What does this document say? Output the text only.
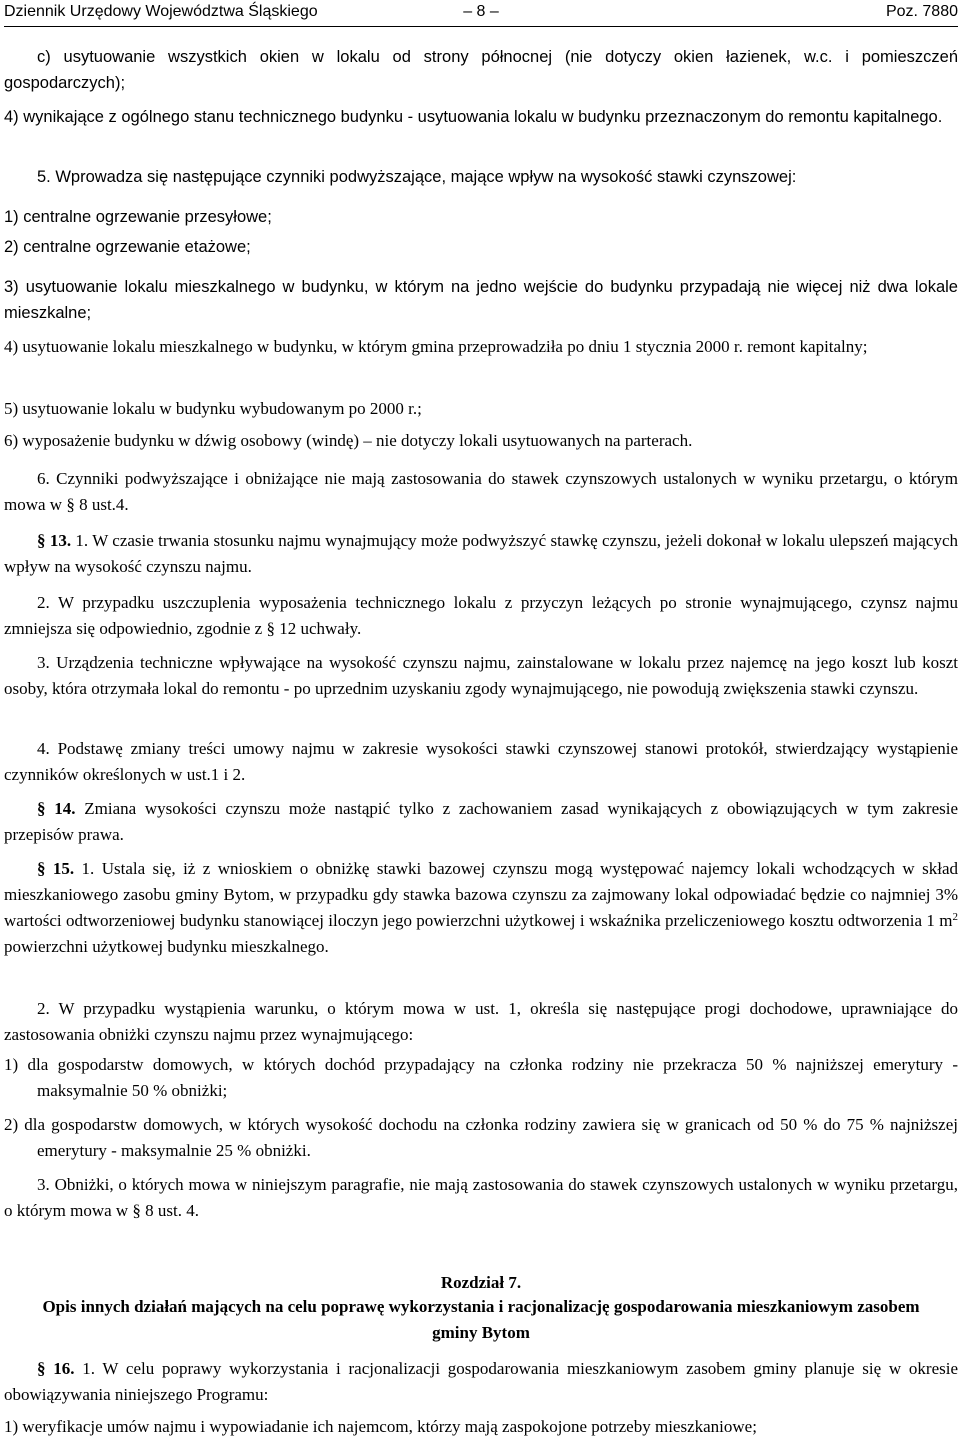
Dziennik Urzędowy Województwa Śląskiego	– 8 –	Poz. 7880

c) usytuowanie wszystkich okien w lokalu od strony północnej (nie dotyczy okien łazienek, w.c. i pomieszczeń gospodarczych);

4) wynikające z ogólnego stanu technicznego budynku - usytuowania lokalu w budynku przeznaczonym do remontu kapitalnego.

5. Wprowadza się następujące czynniki podwyższające, mające wpływ na wysokość stawki czynszowej:

1) centralne ogrzewanie przesyłowe;

2) centralne ogrzewanie etażowe;

3) usytuowanie lokalu mieszkalnego w budynku, w którym na jedno wejście do budynku przypadają nie więcej niż dwa lokale mieszkalne;

4) usytuowanie lokalu mieszkalnego w budynku, w którym gmina przeprowadziła po dniu 1 stycznia 2000 r. remont kapitalny;

5) usytuowanie lokalu w budynku wybudowanym po 2000 r.;

6) wyposażenie budynku w dźwig osobowy (windę) – nie dotyczy lokali usytuowanych na parterach.

6. Czynniki podwyższające i obniżające nie mają zastosowania do stawek czynszowych ustalonych w wyniku przetargu, o którym mowa w § 8 ust.4.

§ 13. 1. W czasie trwania stosunku najmu wynajmujący może podwyższyć stawkę czynszu, jeżeli dokonał w lokalu ulepszeń mających wpływ na wysokość czynszu najmu.

2. W przypadku uszczuplenia wyposażenia technicznego lokalu z przyczyn leżących po stronie wynajmującego, czynsz najmu zmniejsza się odpowiednio, zgodnie z § 12 uchwały.

3. Urządzenia techniczne wpływające na wysokość czynszu najmu, zainstalowane w lokalu przez najemcę na jego koszt lub koszt osoby, która otrzymała lokal do remontu - po uprzednim uzyskaniu zgody wynajmującego, nie powodują zwiększenia stawki czynszu.

4. Podstawę zmiany treści umowy najmu w zakresie wysokości stawki czynszowej stanowi protokół, stwierdzający wystąpienie czynników określonych w ust.1 i 2.

§ 14. Zmiana wysokości czynszu może nastąpić tylko z zachowaniem zasad wynikających z obowiązujących w tym zakresie przepisów prawa.

§ 15. 1. Ustala się, iż z wnioskiem o obniżkę stawki bazowej czynszu mogą występować najemcy lokali wchodzących w skład mieszkaniowego zasobu gminy Bytom, w przypadku gdy stawka bazowa czynszu za zajmowany lokal odpowiadać będzie co najmniej 3% wartości odtworzeniowej budynku stanowiącej iloczyn jego powierzchni użytkowej i wskaźnika przeliczeniowego kosztu odtworzenia 1 $m^2$ powierzchni użytkowej budynku mieszkalnego.

2. W przypadku wystąpienia warunku, o którym mowa w ust. 1, określa się następujące progi dochodowe, uprawniające do zastosowania obniżki czynszu najmu przez wynajmującego:

1) dla gospodarstw domowych, w których dochód przypadający na członka rodziny nie przekracza 50 % najniższej emerytury - maksymalnie 50 % obniżki;

2) dla gospodarstw domowych, w których wysokość dochodu na członka rodziny zawiera się w granicach od 50 % do 75 % najniższej emerytury - maksymalnie 25 % obniżki.

3. Obniżki, o których mowa w niniejszym paragrafie, nie mają zastosowania do stawek czynszowych ustalonych w wyniku przetargu, o którym mowa w § 8 ust. 4.

Rozdział 7.

Opis innych działań mających na celu poprawę wykorzystania i racjonalizację gospodarowania mieszkaniowym zasobem gminy Bytom

§ 16. 1. W celu poprawy wykorzystania i racjonalizacji gospodarowania mieszkaniowym zasobem gminy planuje się w okresie obowiązywania niniejszego Programu:

1) weryfikacje umów najmu i wypowiadanie ich najemcom, którzy mają zaspokojone potrzeby mieszkaniowe;
